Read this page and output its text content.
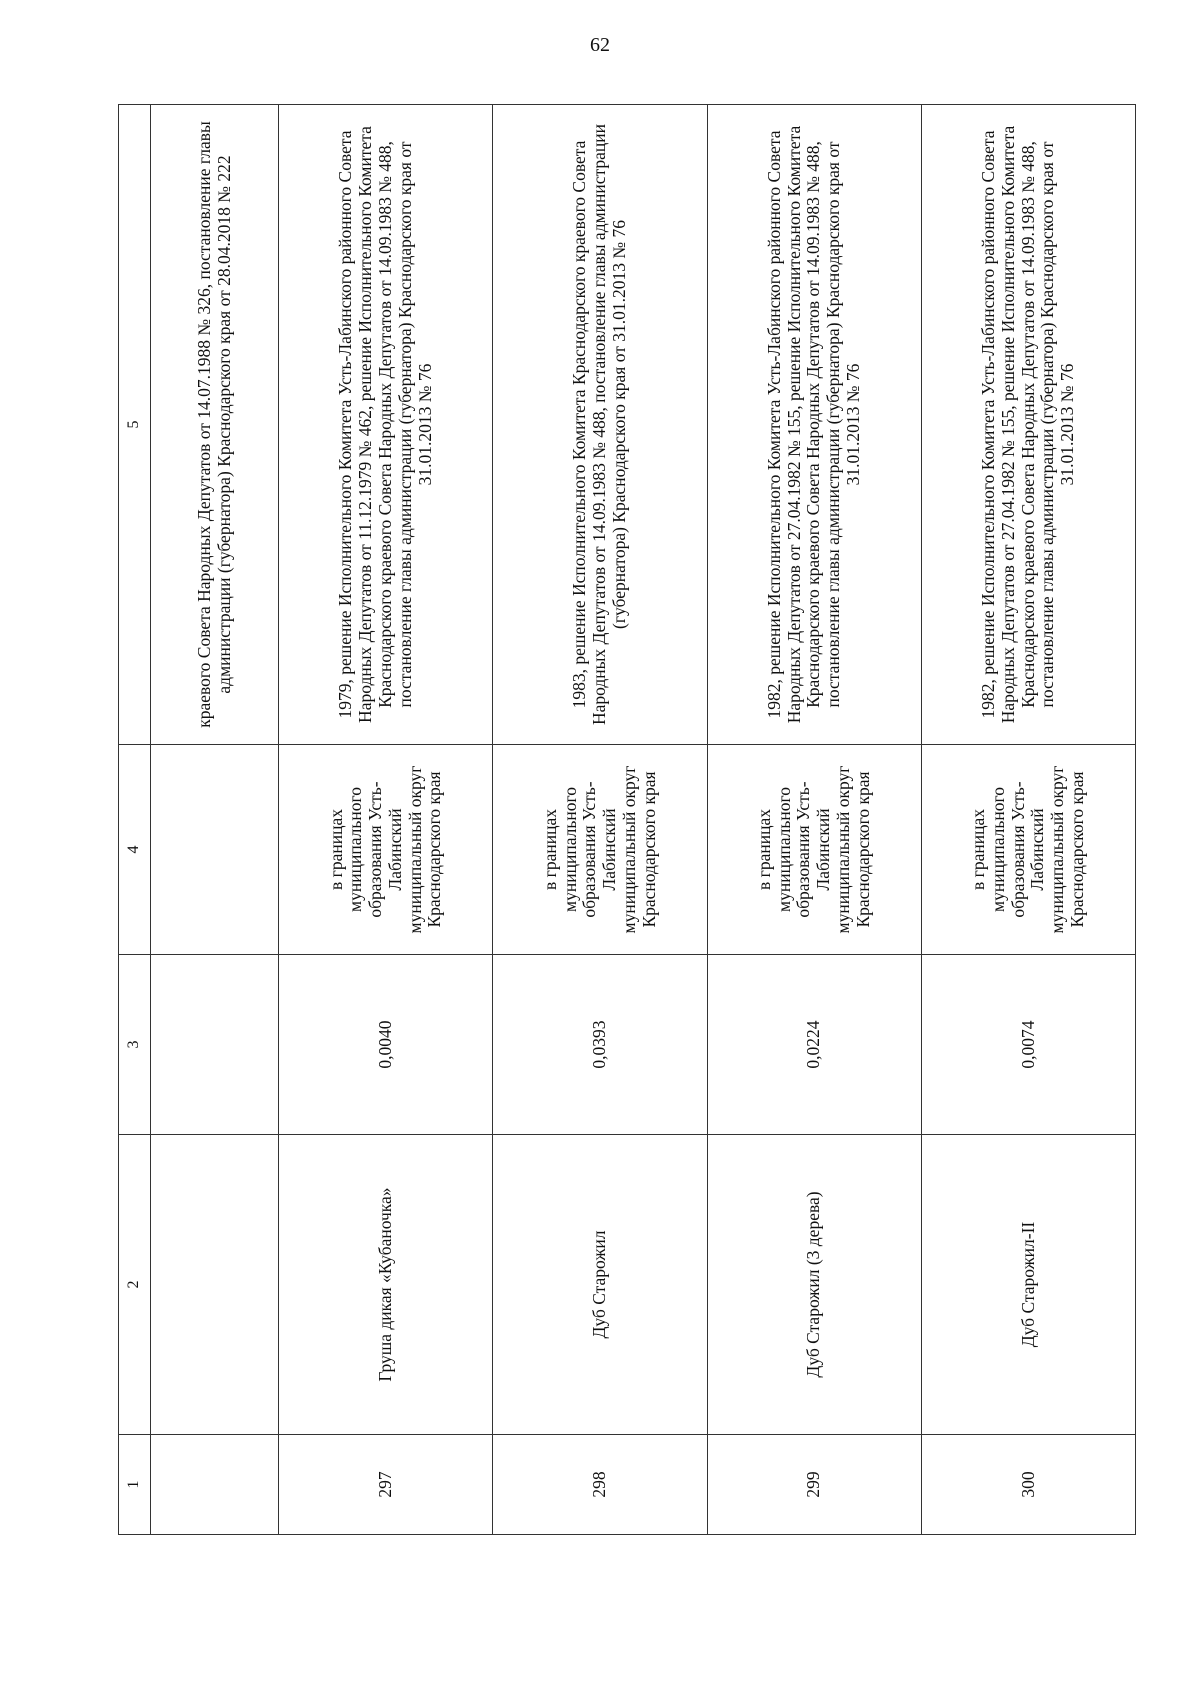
62
1	2	3	4	5
				краевого Совета Народных Депутатов от 14.07.1988 № 326, постановление главы администрации (губернатора) Краснодарского края от 28.04.2018 № 222
297	Груша дикая «Кубаночка»	0,0040	в границах муниципального образования Усть-Лабинский муниципальный округ Краснодарского края	1979, решение Исполнительного Комитета Усть-Лабинского районного Совета Народных Депутатов от 11.12.1979 № 462, решение Исполнительного Комитета Краснодарского краевого Совета Народных Депутатов от 14.09.1983 № 488, постановление главы администрации (губернатора) Краснодарского края от 31.01.2013 № 76
298	Дуб Старожил	0,0393	в границах муниципального образования Усть-Лабинский муниципальный округ Краснодарского края	1983, решение Исполнительного Комитета Краснодарского краевого Совета Народных Депутатов от 14.09.1983 № 488, постановление главы администрации (губернатора) Краснодарского края от 31.01.2013 № 76
299	Дуб Старожил (3 дерева)	0,0224	в границах муниципального образования Усть-Лабинский муниципальный округ Краснодарского края	1982, решение Исполнительного Комитета Усть-Лабинского районного Совета Народных Депутатов от 27.04.1982 № 155, решение Исполнительного Комитета Краснодарского краевого Совета Народных Депутатов от 14.09.1983 № 488, постановление главы администрации (губернатора) Краснодарского края от 31.01.2013 № 76
300	Дуб Старожил-II	0,0074	в границах муниципального образования Усть-Лабинский муниципальный округ Краснодарского края	1982, решение Исполнительного Комитета Усть-Лабинского районного Совета Народных Депутатов от 27.04.1982 № 155, решение Исполнительного Комитета Краснодарского краевого Совета Народных Депутатов от 14.09.1983 № 488, постановление главы администрации (губернатора) Краснодарского края от 31.01.2013 № 76
